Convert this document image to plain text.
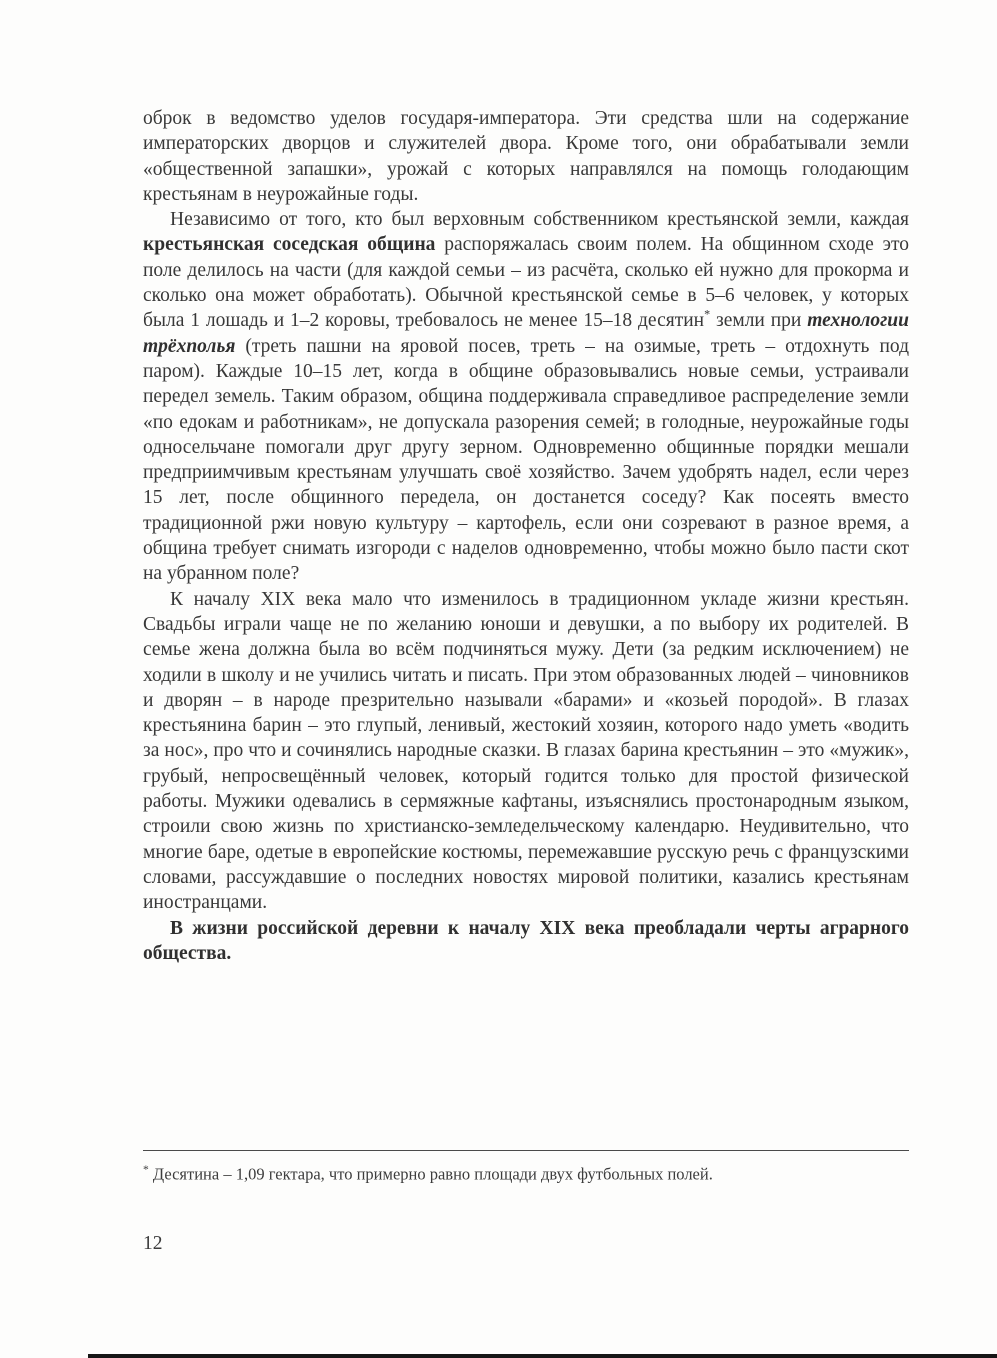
оброк в ведомство уделов государя-императора. Эти средства шли на содержание императорских дворцов и служителей двора. Кроме того, они обрабатывали земли «общественной запашки», урожай с которых направлялся на помощь голодающим крестьянам в неурожайные годы.

Независимо от того, кто был верховным собственником крестьянской земли, каждая крестьянская соседская община распоряжалась своим полем. На общинном сходе это поле делилось на части (для каждой семьи – из расчёта, сколько ей нужно для прокорма и сколько она может обработать). Обычной крестьянской семье в 5–6 человек, у которых была 1 лошадь и 1–2 коровы, требовалось не менее 15–18 десятин* земли при технологии трёхполья (треть пашни на яровой посев, треть – на озимые, треть – отдохнуть под паром). Каждые 10–15 лет, когда в общине образовывались новые семьи, устраивали передел земель. Таким образом, община поддерживала справедливое распределение земли «по едокам и работникам», не допускала разорения семей; в голодные, неурожайные годы односельчане помогали друг другу зерном. Одновременно общинные порядки мешали предприимчивым крестьянам улучшать своё хозяйство. Зачем удобрять надел, если через 15 лет, после общинного передела, он достанется соседу? Как посеять вместо традиционной ржи новую культуру – картофель, если они созревают в разное время, а община требует снимать изгороди с наделов одновременно, чтобы можно было пасти скот на убранном поле?

К началу XIX века мало что изменилось в традиционном укладе жизни крестьян. Свадьбы играли чаще не по желанию юноши и девушки, а по выбору их родителей. В семье жена должна была во всём подчиняться мужу. Дети (за редким исключением) не ходили в школу и не учились читать и писать. При этом образованных людей – чиновников и дворян – в народе презрительно называли «барами» и «козьей породой». В глазах крестьянина барин – это глупый, ленивый, жестокий хозяин, которого надо уметь «водить за нос», про что и сочинялись народные сказки. В глазах барина крестьянин – это «мужик», грубый, непросвещённый человек, который годится только для простой физической работы. Мужики одевались в сермяжные кафтаны, изъяснялись простонародным языком, строили свою жизнь по христианско-земледельческому календарю. Неудивительно, что многие баре, одетые в европейские костюмы, перемежавшие русскую речь с французскими словами, рассуждавшие о последних новостях мировой политики, казались крестьянам иностранцами.

В жизни российской деревни к началу XIX века преобладали черты аграрного общества.

* Десятина – 1,09 гектара, что примерно равно площади двух футбольных полей.
12
